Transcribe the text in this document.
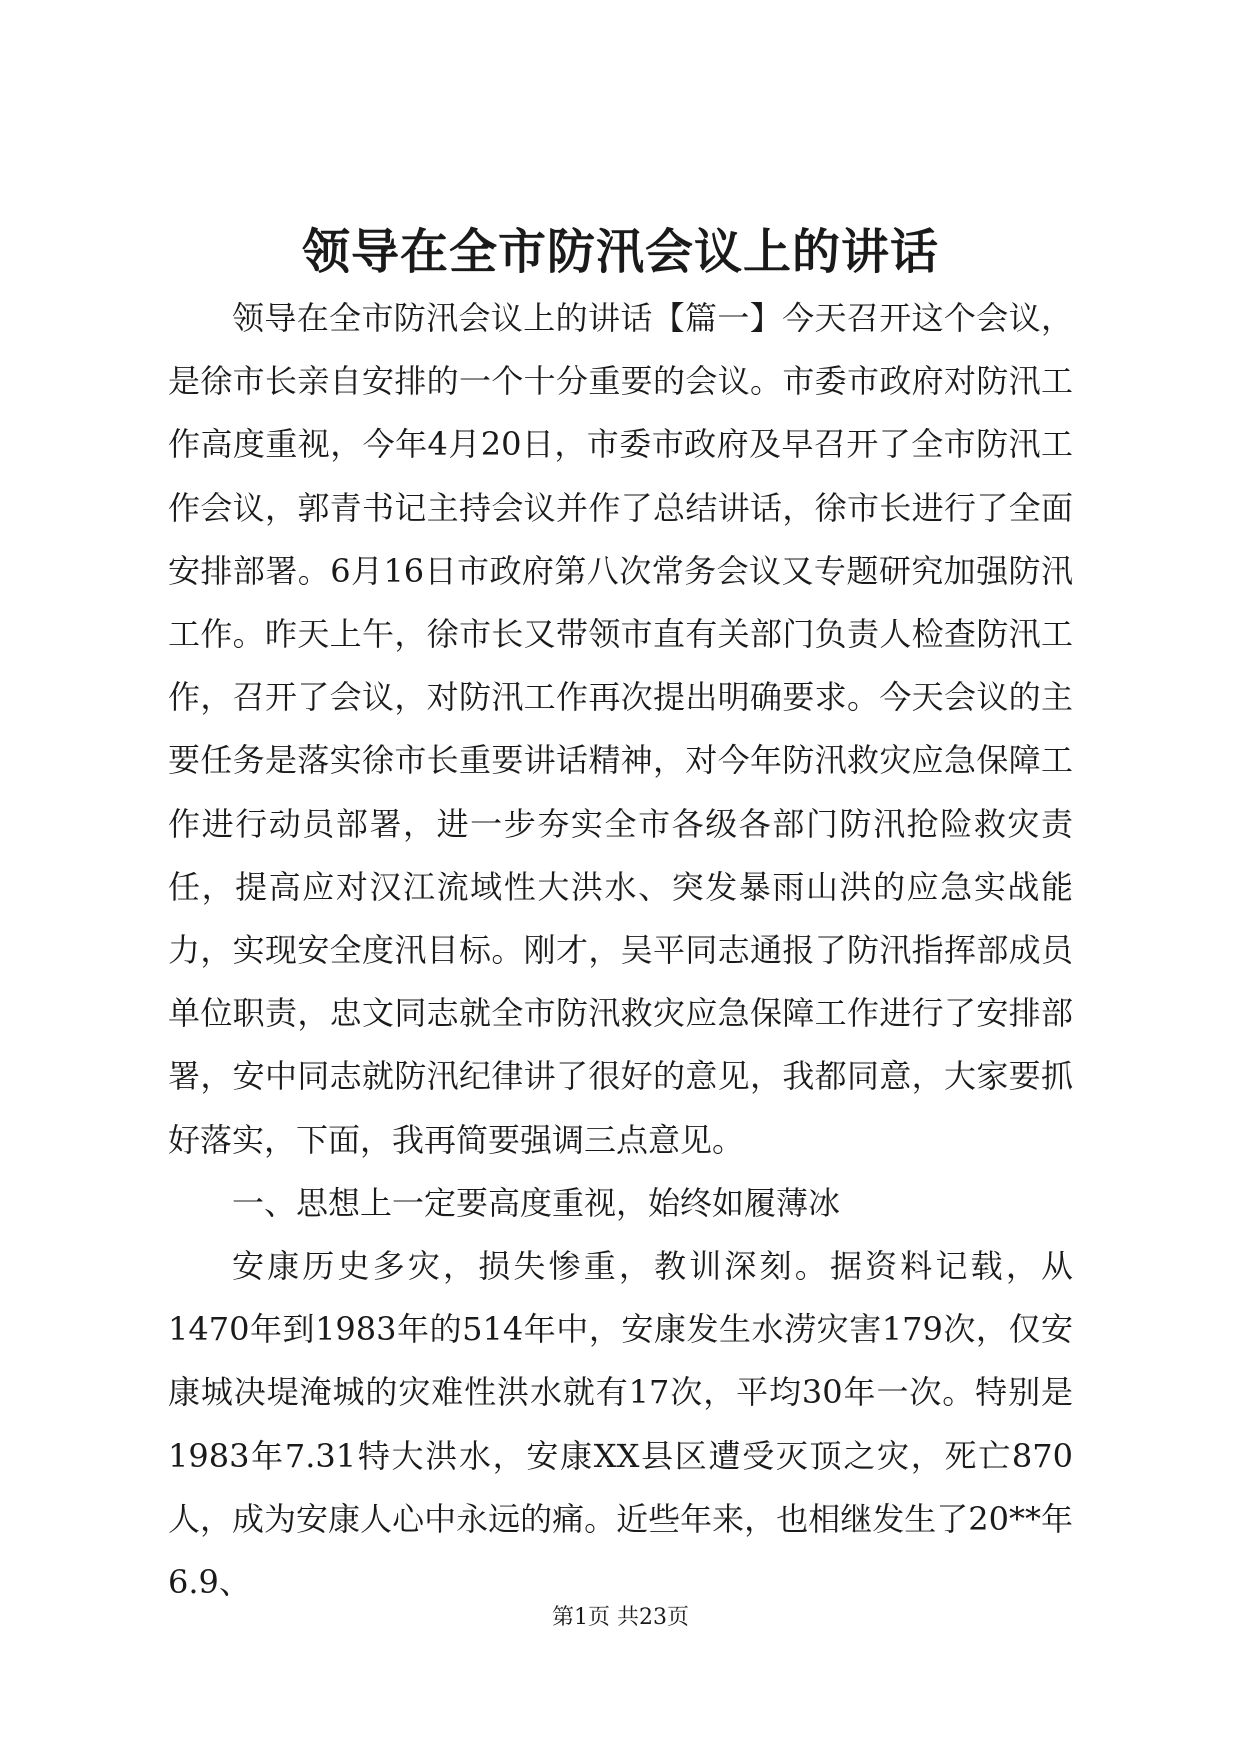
领导在全市防汛会议上的讲话

领导在全市防汛会议上的讲话【篇一】今天召开这个会议，是徐市长亲自安排的一个十分重要的会议。市委市政府对防汛工作高度重视，今年4月20日，市委市政府及早召开了全市防汛工作会议，郭青书记主持会议并作了总结讲话，徐市长进行了全面安排部署。6月16日市政府第八次常务会议又专题研究加强防汛工作。昨天上午，徐市长又带领市直有关部门负责人检查防汛工作，召开了会议，对防汛工作再次提出明确要求。今天会议的主要任务是落实徐市长重要讲话精神，对今年防汛救灾应急保障工作进行动员部署，进一步夯实全市各级各部门防汛抢险救灾责任，提高应对汉江流域性大洪水、突发暴雨山洪的应急实战能力，实现安全度汛目标。刚才，吴平同志通报了防汛指挥部成员单位职责，忠文同志就全市防汛救灾应急保障工作进行了安排部署，安中同志就防汛纪律讲了很好的意见，我都同意，大家要抓好落实，下面，我再简要强调三点意见。

一、思想上一定要高度重视，始终如履薄冰

安康历史多灾，损失惨重，教训深刻。据资料记载，从1470年到1983年的514年中，安康发生水涝灾害179次，仅安康城决堤淹城的灾难性洪水就有17次，平均30年一次。特别是1983年7.31特大洪水，安康XX县区遭受灭顶之灾，死亡870人，成为安康人心中永远的痛。近些年来，也相继发生了20**年6.9、

第1页 共23页
